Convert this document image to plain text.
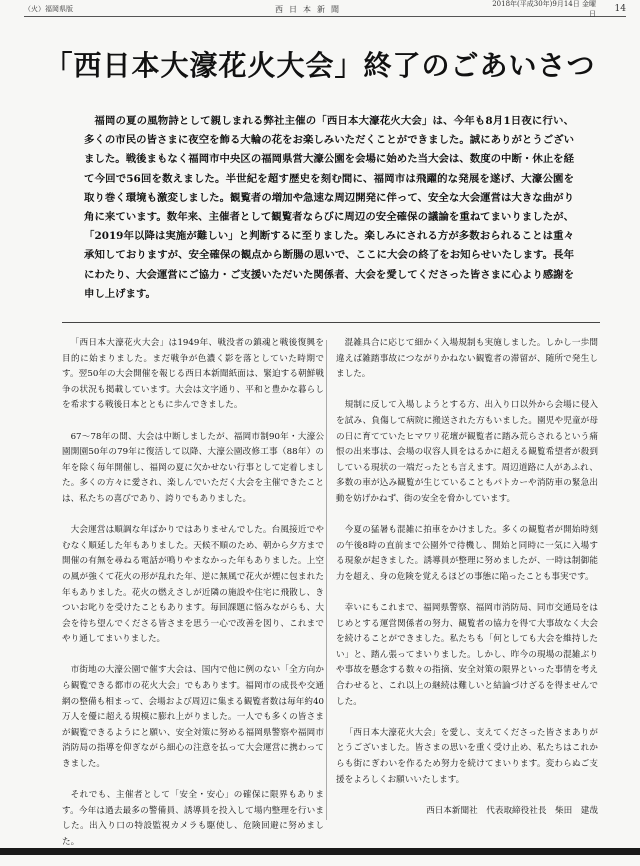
（火）福岡県版	西日本新聞
2018年(平成30年)9月14日 金曜日	14
「西日本大濠花火大会」終了のごあいさつ
福岡の夏の風物詩として親しまれる弊社主催の「西日本大濠花火大会」は、今年も8月1日夜に行い、多くの市民の皆さまに夜空を飾る大輪の花をお楽しみいただくことができました。誠にありがとうございました。戦後まもなく福岡市中央区の福岡県営大濠公園を会場に始めた当大会は、数度の中断・休止を経て今回で56回を数えました。半世紀を超す歴史を刻む間に、福岡市は飛躍的な発展を遂げ、大濠公園を取り巻く環境も激変しました。観覧者の増加や急速な周辺開発に伴って、安全な大会運営は大きな曲がり角に来ています。数年来、主催者として観覧者ならびに周辺の安全確保の議論を重ねてまいりましたが、「2019年以降は実施が難しい」と判断するに至りました。楽しみにされる方が多数おられることは重々承知しておりますが、安全確保の観点から断腸の思いで、ここに大会の終了をお知らせいたします。長年にわたり、大会運営にご協力・ご支援いただいた関係者、大会を愛してくださった皆さまに心より感謝を申し上げます。

「西日本大濠花火大会」は1949年、戦没者の鎮魂と戦後復興を目的に始まりました。まだ戦争が色濃く影を落としていた時期です。翌50年の大会開催を報じる西日本新聞紙面は、緊迫する朝鮮戦争の状況も掲載しています。大会は文字通り、平和と豊かな暮らしを希求する戦後日本とともに歩んできました。

67〜78年の間、大会は中断しましたが、福岡市制90年・大濠公園開園50年の79年に復活して以降、大濠公園改修工事（88年）の年を除く毎年開催し、福岡の夏に欠かせない行事として定着しました。多くの方々に愛され、楽しんでいただく大会を主催できたことは、私たちの喜びであり、誇りでもありました。

大会運営は順調な年ばかりではありませんでした。台風接近でやむなく順延した年もありました。天候不順のため、朝から夕方まで開催の有無を尋ねる電話が鳴りやまなかった年もありました。上空の風が強くて花火の形が乱れた年、逆に無風で花火が煙に包まれた年もありました。花火の燃えさしが近隣の施設や住宅に飛散し、きついお叱りを受けたこともあります。毎回課題に悩みながらも、大会を待ち望んでくださる皆さまを思う一心で改善を図り、これまでやり通してまいりました。

市街地の大濠公園で催す大会は、国内で他に例のない「全方向から観覧できる都市の花火大会」でもあります。福岡市の成長や交通網の整備も相まって、会場および周辺に集まる観覧者数は毎年約40万人を優に超える規模に膨れ上がりました。一人でも多くの皆さまが観覧できるようにと願い、安全対策に努める福岡県警察や福岡市消防局の指導を仰ぎながら細心の注意を払って大会運営に携わってきました。

それでも、主催者として「安全・安心」の確保に限界もあります。今年は過去最多の警備員、誘導員を投入して場内整理を行いました。出入り口の特設監視カメラも駆使し、危険回避に努めました。

混雑具合に応じて細かく入場規制も実施しました。しかし一歩間違えば雑踏事故につながりかねない観覧者の滞留が、随所で発生しました。

規制に反して入場しようとする方、出入り口以外から会場に侵入を試み、負傷して病院に搬送された方もいました。園児や児童が母の日に育てていたヒマワリ花壇が観覧者に踏み荒らされるという痛恨の出来事は、会場の収容人員をはるかに超える観覧希望者が殺到している現状の一端だったとも言えます。周辺道路に人があふれ、多数の車が込み観覧が生じていることもパトカーや消防車の緊急出動を妨げかねず、街の安全を脅かしています。

今夏の猛暑も混雑に拍車をかけました。多くの観覧者が開始時刻の午後8時の直前まで公園外で待機し、開始と同時に一気に入場する現象が起きました。誘導員が整理に努めましたが、一時は制御能力を超え、身の危険を覚えるほどの事態に陥ったことも事実です。

幸いにもこれまで、福岡県警察、福岡市消防局、同市交通局をはじめとする運営関係者の努力、観覧者の協力を得て大事故なく大会を続けることができました。私たちも「何としても大会を維持したい」と、踏ん張ってまいりました。しかし、昨今の現場の混雑ぶりや事故を懸念する数々の指摘、安全対策の限界といった事情を考え合わせると、これ以上の継続は難しいと結論づけざるを得ませんでした。

「西日本大濠花火大会」を愛し、支えてくださった皆さまありがとうございました。皆さまの思いを重く受け止め、私たちはこれからも街にぎわいを作るため努力を続けてまいります。変わらぬご支援をよろしくお願いいたします。

西日本新聞社　代表取締役社長　柴田　建哉
